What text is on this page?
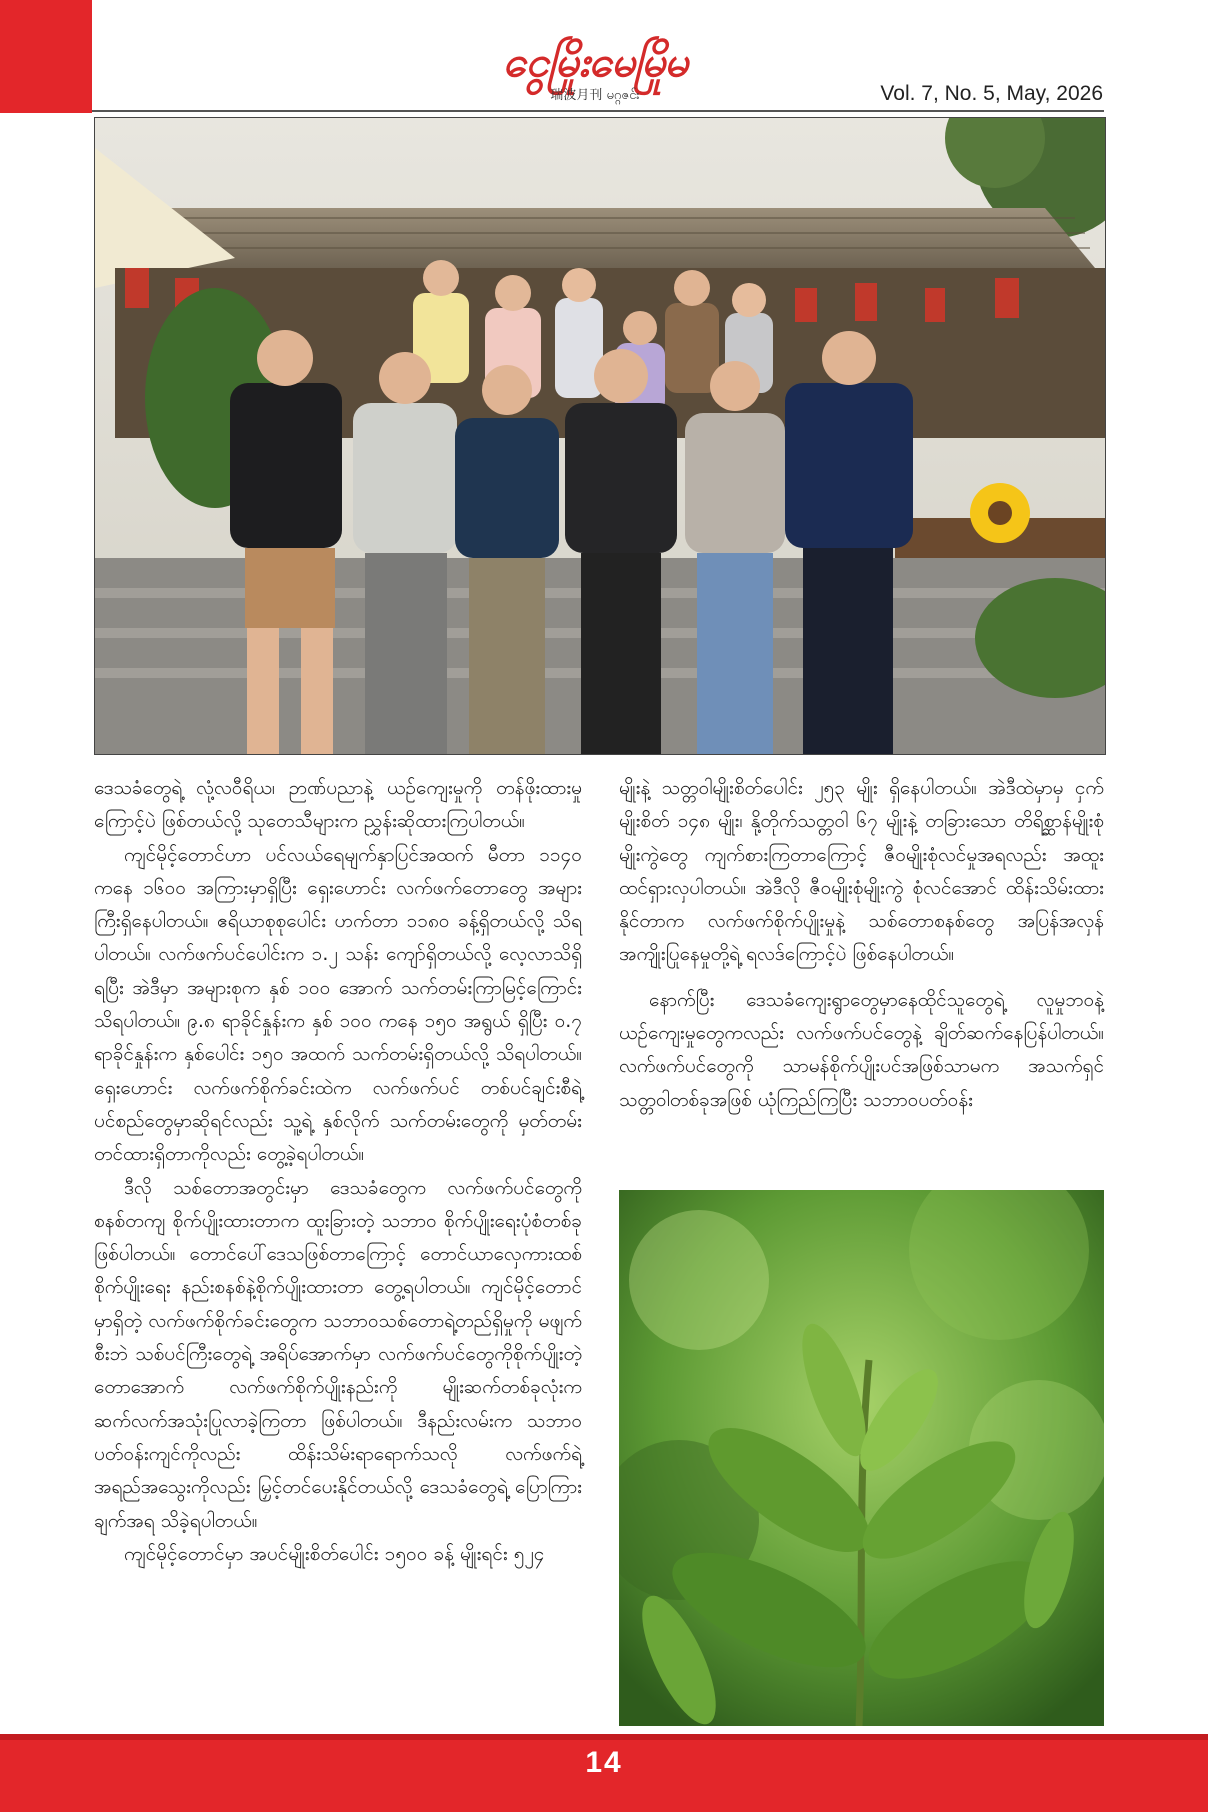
ငွေမြိုးမေမြိုမ
瑞波月刊 မဂ္ဂဇင်း	Vol. 7, No. 5, May, 2026

ဒေသခံတွေရဲ့ လုံ့လဝီရိယ၊ ဉာဏ်ပညာနဲ့ ယဉ်ကျေးမှုကို တန်ဖိုးထားမှုကြောင့်ပဲ ဖြစ်တယ်လို့ သုတေသီများက ညွှန်းဆိုထားကြပါတယ်။

ကျင်မိုင့်တောင်ဟာ ပင်လယ်ရေမျက်နှာပြင်အထက် မီတာ ၁၁၄၀ ကနေ ၁၆၀၀ အကြားမှာရှိပြီး ရှေးဟောင်း လက်ဖက်တောတွေ အများကြီးရှိနေပါတယ်။ ဧရိယာစုစုပေါင်း ဟက်တာ ၁၁၈၀ ခန့်ရှိတယ်လို့ သိရပါတယ်။ လက်ဖက်ပင်ပေါင်းက ၁.၂ သန်း ကျော်ရှိတယ်လို့ လေ့လာသိရှိရပြီး အဲဒီမှာ အများစုက နှစ် ၁၀၀ အောက် သက်တမ်းကြာမြင့်ကြောင်း သိရပါတယ်။ ၉.၈ ရာခိုင်နှုန်းက နှစ် ၁၀၀ ကနေ ၁၅၀ အရွယ် ရှိပြီး ၀.၇ ရာခိုင်နှုန်းက နှစ်ပေါင်း ၁၅၀ အထက် သက်တမ်းရှိတယ်လို့ သိရပါတယ်။ ရှေးဟောင်း လက်ဖက်စိုက်ခင်းထဲက လက်ဖက်ပင် တစ်ပင်ချင်းစီရဲ့ ပင်စည်တွေမှာဆိုရင်လည်း သူ့ရဲ့ နှစ်လိုက် သက်တမ်းတွေကို မှတ်တမ်းတင်ထားရှိတာကိုလည်း တွေ့ခဲ့ရပါတယ်။

ဒီလို သစ်တောအတွင်းမှာ ဒေသခံတွေက လက်ဖက်ပင်တွေကို စနစ်တကျ စိုက်ပျိုးထားတာက ထူးခြားတဲ့ သဘာဝ စိုက်ပျိုးရေးပုံစံတစ်ခု ဖြစ်ပါတယ်။ တောင်ပေါ်ဒေသဖြစ်တာကြောင့် တောင်ယာလှေကားထစ်စိုက်ပျိုးရေး နည်းစနစ်နဲ့စိုက်ပျိုးထားတာ တွေ့ရပါတယ်။ ကျင်မိုင့်တောင်မှာရှိတဲ့ လက်ဖက်စိုက်ခင်းတွေက သဘာဝသစ်တောရဲ့တည်ရှိမှုကို မဖျက်စီးဘဲ သစ်ပင်ကြီးတွေရဲ့ အရိပ်အောက်မှာ လက်ဖက်ပင်တွေကိုစိုက်ပျိုးတဲ့ တောအောက် လက်ဖက်စိုက်ပျိုးနည်းကို မျိုးဆက်တစ်ခုလုံးက ဆက်လက်အသုံးပြုလာခဲ့ကြတာ ဖြစ်ပါတယ်။ ဒီနည်းလမ်းက သဘာဝပတ်ဝန်းကျင်ကိုလည်း ထိန်းသိမ်းရာရောက်သလို လက်ဖက်ရဲ့အရည်အသွေးကိုလည်း မြှင့်တင်ပေးနိုင်တယ်လို့ ဒေသခံတွေရဲ့ ပြောကြားချက်အရ သိခဲ့ရပါတယ်။

ကျင်မိုင့်တောင်မှာ အပင်မျိုးစိတ်ပေါင်း ၁၅၀၀ ခန့် မျိုးရင်း ၅၂၄

မျိုးနဲ့ သတ္တဝါမျိုးစိတ်ပေါင်း ၂၅၃ မျိုး ရှိနေပါတယ်။ အဲဒီထဲမှာမှ ငှက်မျိုးစိတ် ၁၄၈ မျိုး၊ နို့တိုက်သတ္တဝါ ၆၇ မျိုးနဲ့ တခြားသော တိရိစ္ဆာန်မျိုးစုံမျိုးကွဲတွေ ကျက်စားကြတာကြောင့် ဇီဝမျိုးစုံလင်မှုအရလည်း အထူးထင်ရှားလှပါတယ်။ အဲဒီလို ဇီဝမျိုးစုံမျိုးကွဲ စုံလင်အောင် ထိန်းသိမ်းထားနိုင်တာက လက်ဖက်စိုက်ပျိုးမှုနဲ့ သစ်တောစနစ်တွေ အပြန်အလှန်အကျိုးပြုနေမှုတို့ရဲ့ ရလဒ်ကြောင့်ပဲ ဖြစ်နေပါတယ်။

နောက်ပြီး ဒေသခံကျေးရွာတွေမှာနေထိုင်သူတွေရဲ့ လူမှုဘဝနဲ့ ယဉ်ကျေးမှုတွေကလည်း လက်ဖက်ပင်တွေနဲ့ ချိတ်ဆက်နေပြန်ပါတယ်။ လက်ဖက်ပင်တွေကို သာမန်စိုက်ပျိုးပင်အဖြစ်သာမက အသက်ရှင်သတ္တဝါတစ်ခုအဖြစ် ယုံကြည်ကြပြီး သဘာဝပတ်ဝန်း

14
